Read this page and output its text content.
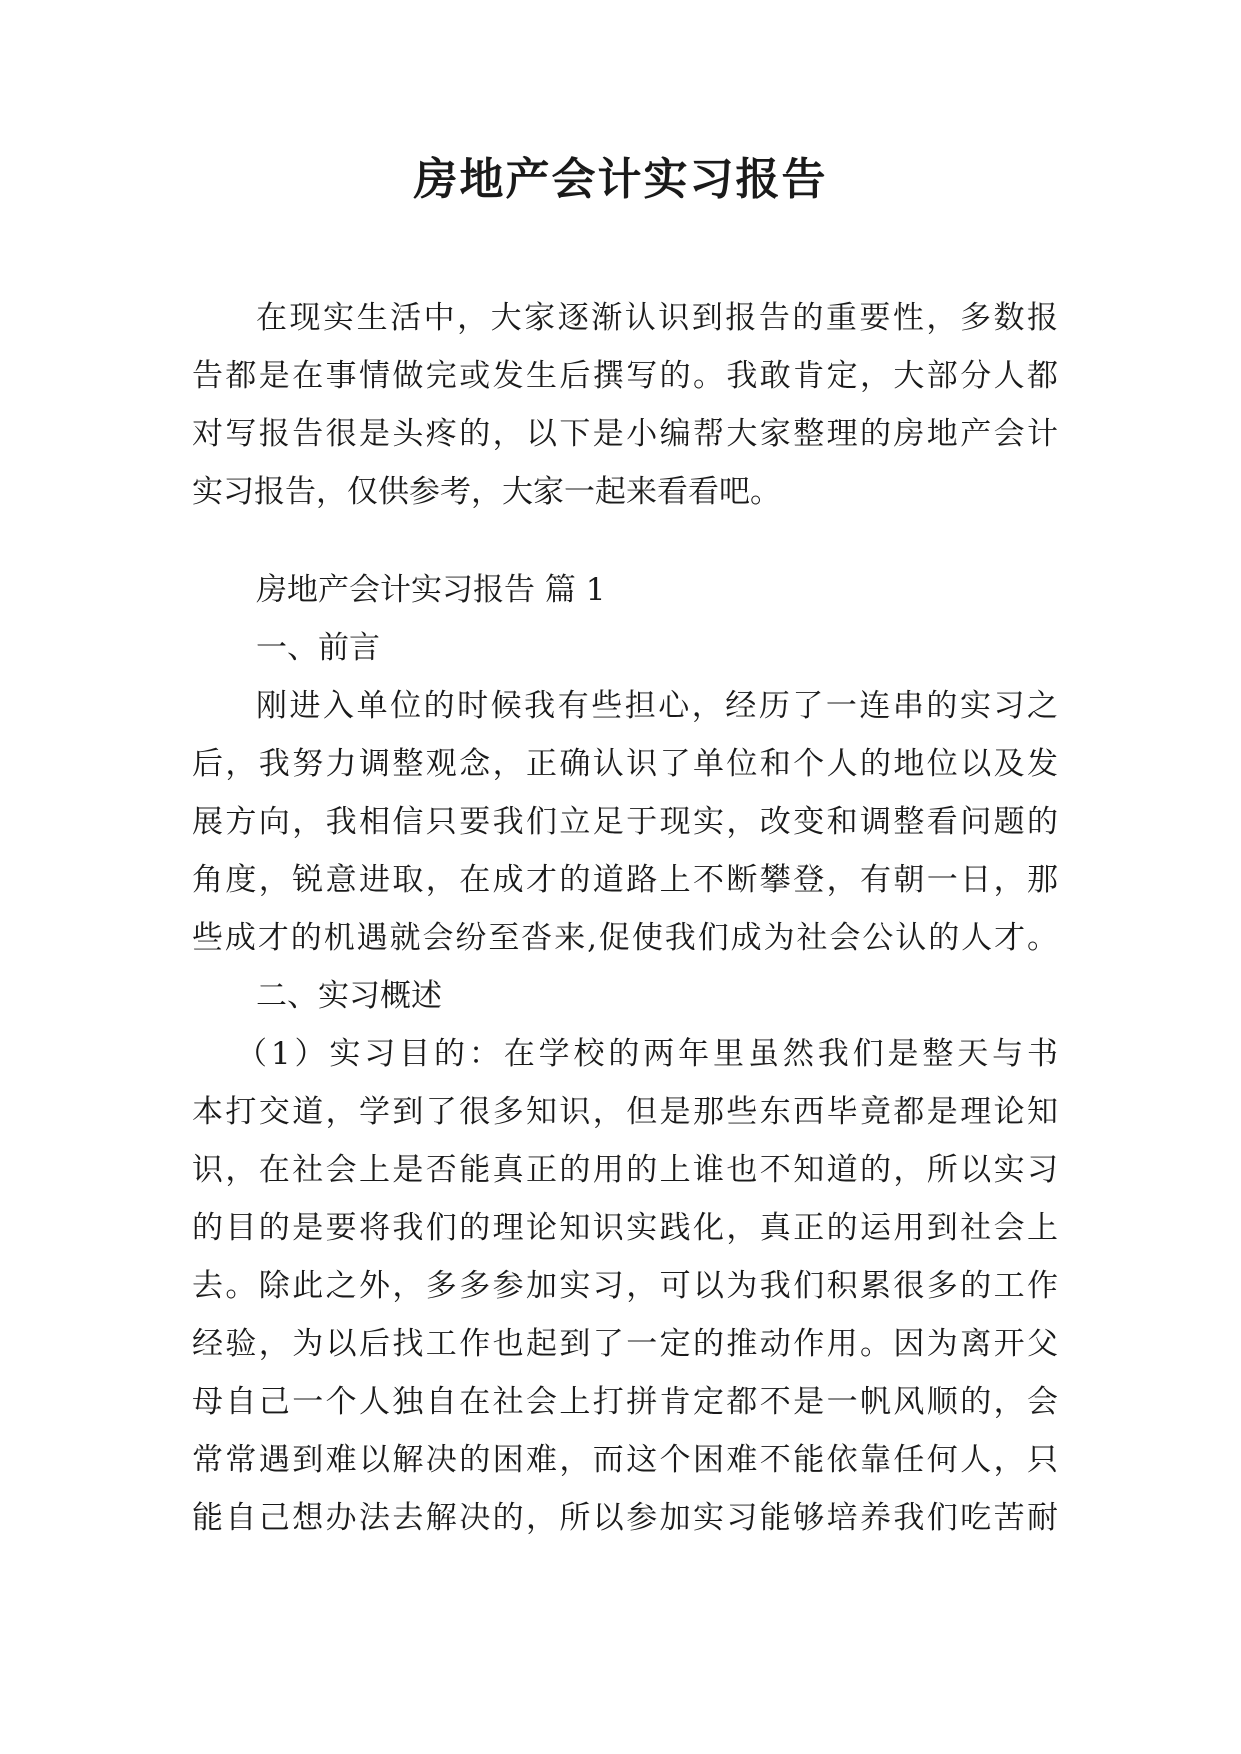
房地产会计实习报告
在现实生活中，大家逐渐认识到报告的重要性，多数报
告都是在事情做完或发生后撰写的。我敢肯定，大部分人都
对写报告很是头疼的，以下是小编帮大家整理的房地产会计
实习报告，仅供参考，大家一起来看看吧。
房地产会计实习报告 篇 1
一、前言
刚进入单位的时候我有些担心，经历了一连串的实习之
后，我努力调整观念，正确认识了单位和个人的地位以及发
展方向，我相信只要我们立足于现实，改变和调整看问题的
角度，锐意进取，在成才的道路上不断攀登，有朝一日，那
些成才的机遇就会纷至沓来,促使我们成为社会公认的人才。
二、实习概述
（1）实习目的：在学校的两年里虽然我们是整天与书
本打交道，学到了很多知识，但是那些东西毕竟都是理论知
识，在社会上是否能真正的用的上谁也不知道的，所以实习
的目的是要将我们的理论知识实践化，真正的运用到社会上
去。除此之外，多多参加实习，可以为我们积累很多的工作
经验，为以后找工作也起到了一定的推动作用。因为离开父
母自己一个人独自在社会上打拼肯定都不是一帆风顺的，会
常常遇到难以解决的困难，而这个困难不能依靠任何人，只
能自己想办法去解决的，所以参加实习能够培养我们吃苦耐
